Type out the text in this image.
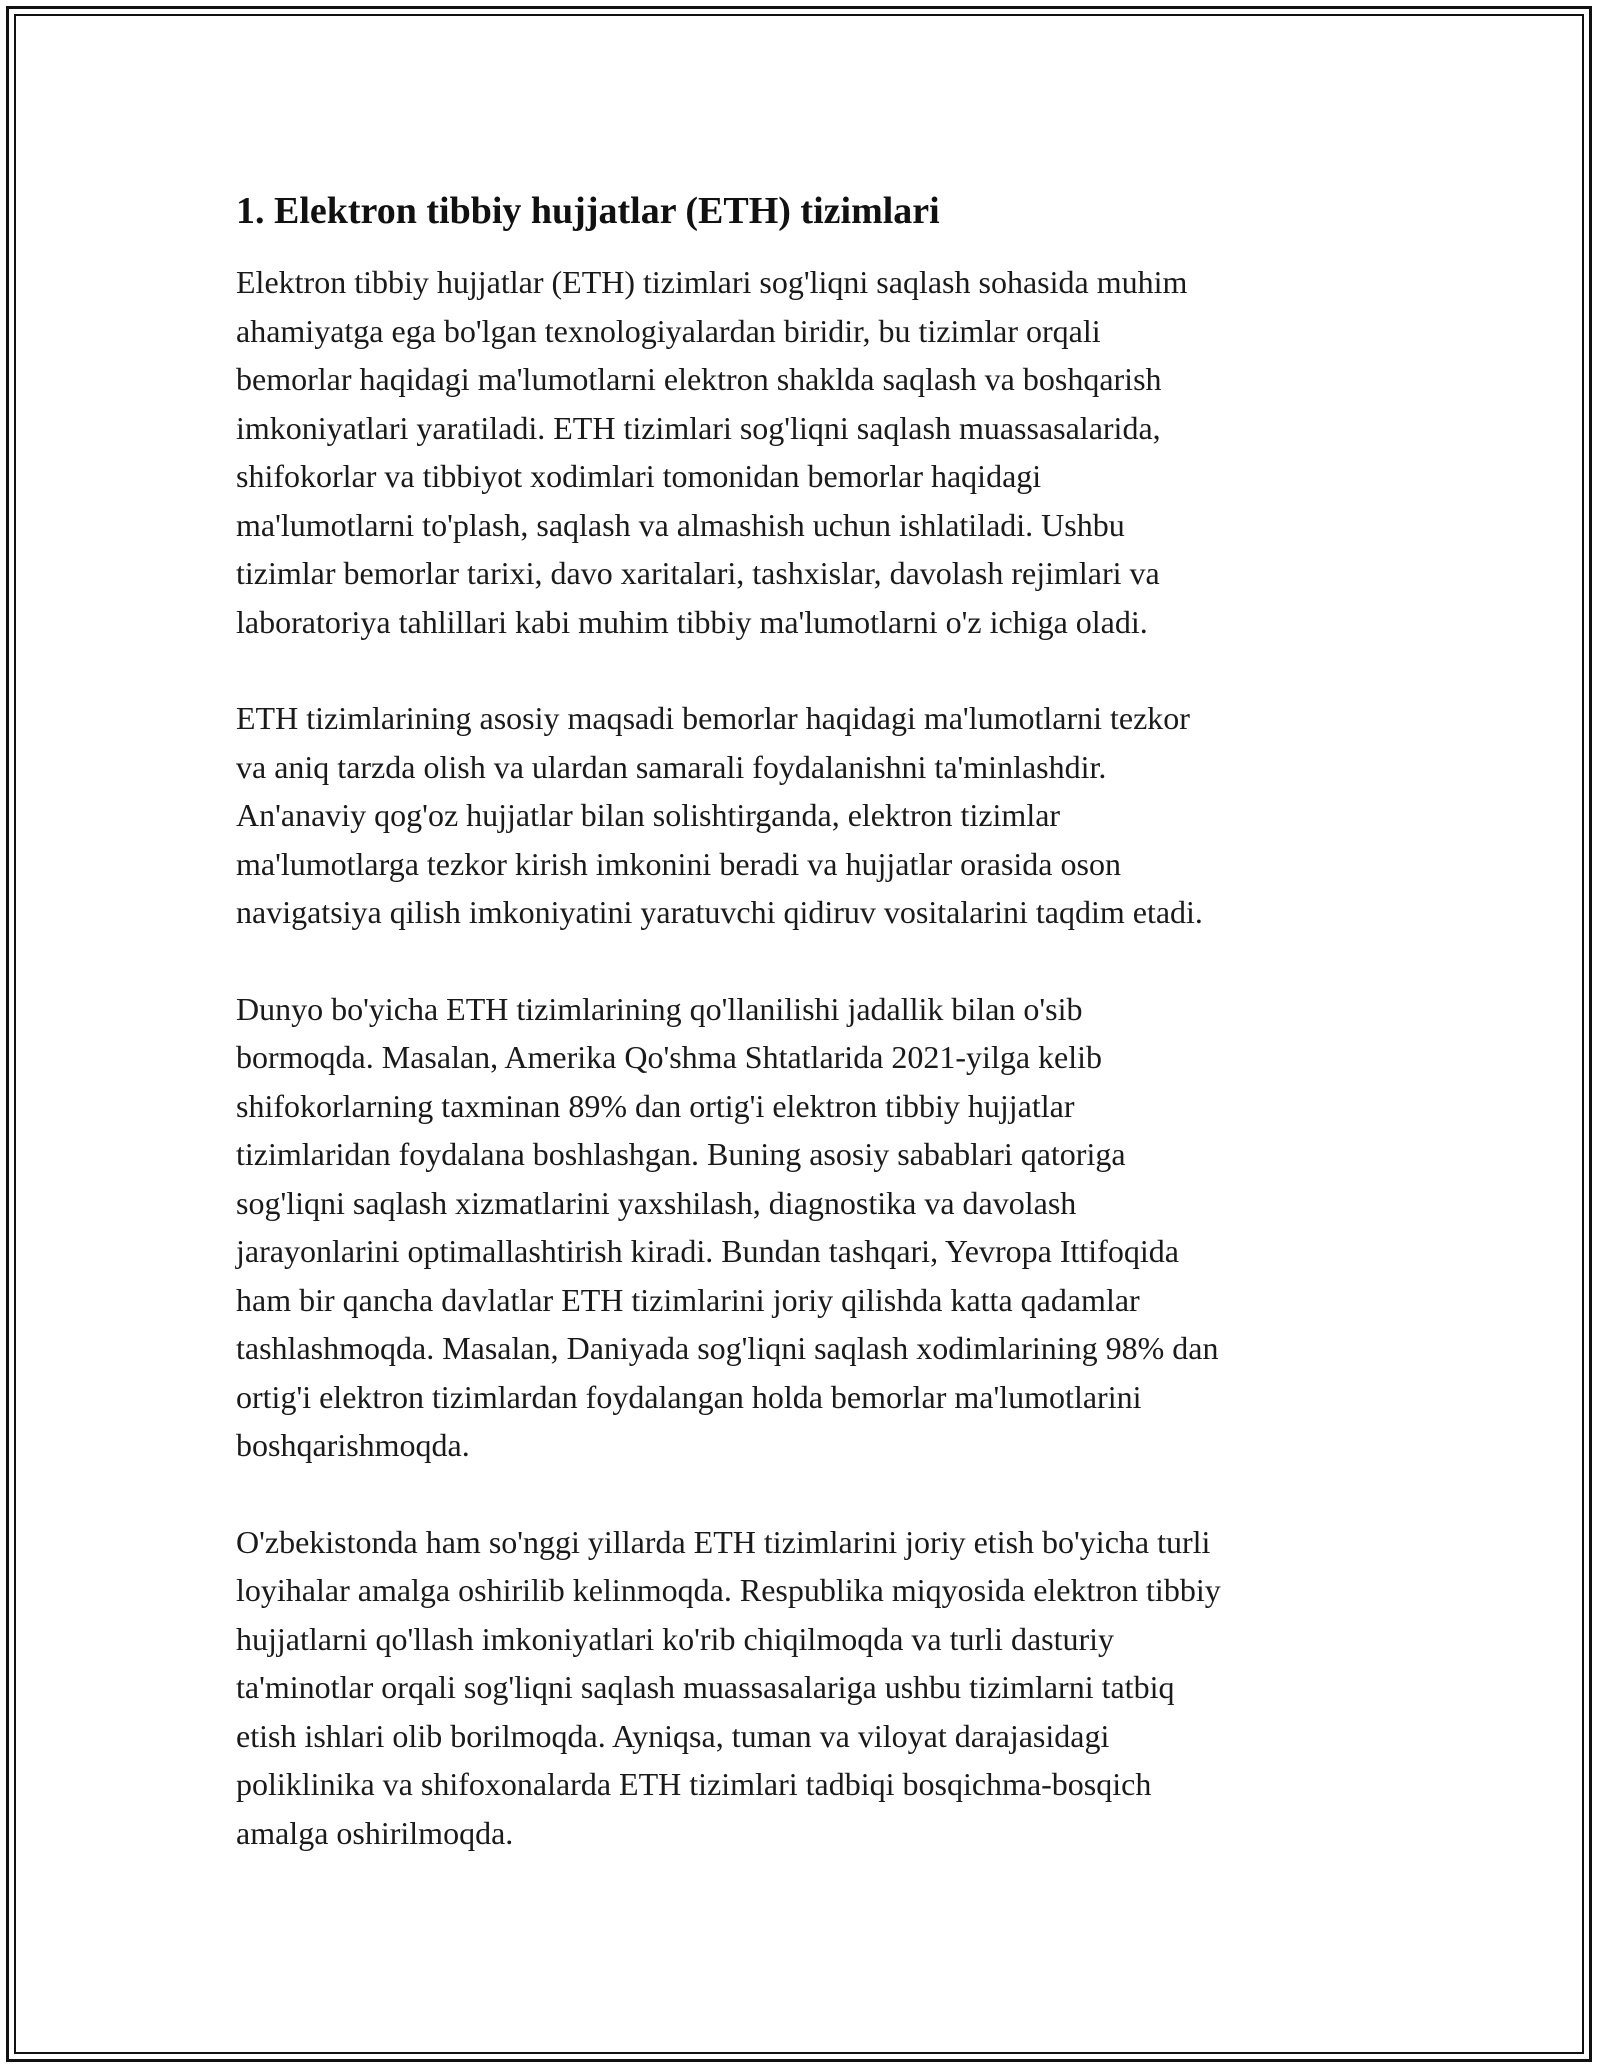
1. Elektron tibbiy hujjatlar (ETH) tizimlari

Elektron tibbiy hujjatlar (ETH) tizimlari sog'liqni saqlash sohasida muhim
ahamiyatga ega bo'lgan texnologiyalardan biridir, bu tizimlar orqali
bemorlar haqidagi ma'lumotlarni elektron shaklda saqlash va boshqarish
imkoniyatlari yaratiladi. ETH tizimlari sog'liqni saqlash muassasalarida,
shifokorlar va tibbiyot xodimlari tomonidan bemorlar haqidagi
ma'lumotlarni to'plash, saqlash va almashish uchun ishlatiladi. Ushbu
tizimlar bemorlar tarixi, davo xaritalari, tashxislar, davolash rejimlari va
laboratoriya tahlillari kabi muhim tibbiy ma'lumotlarni o'z ichiga oladi.

ETH tizimlarining asosiy maqsadi bemorlar haqidagi ma'lumotlarni tezkor
va aniq tarzda olish va ulardan samarali foydalanishni ta'minlashdir.
An'anaviy qog'oz hujjatlar bilan solishtirganda, elektron tizimlar
ma'lumotlarga tezkor kirish imkonini beradi va hujjatlar orasida oson
navigatsiya qilish imkoniyatini yaratuvchi qidiruv vositalarini taqdim etadi.

Dunyo bo'yicha ETH tizimlarining qo'llanilishi jadallik bilan o'sib
bormoqda. Masalan, Amerika Qo'shma Shtatlarida 2021-yilga kelib
shifokorlarning taxminan 89% dan ortig'i elektron tibbiy hujjatlar
tizimlaridan foydalana boshlashgan. Buning asosiy sabablari qatoriga
sog'liqni saqlash xizmatlarini yaxshilash, diagnostika va davolash
jarayonlarini optimallashtirish kiradi. Bundan tashqari, Yevropa Ittifoqida
ham bir qancha davlatlar ETH tizimlarini joriy qilishda katta qadamlar
tashlashmoqda. Masalan, Daniyada sog'liqni saqlash xodimlarining 98% dan
ortig'i elektron tizimlardan foydalangan holda bemorlar ma'lumotlarini
boshqarishmoqda.

O'zbekistonda ham so'nggi yillarda ETH tizimlarini joriy etish bo'yicha turli
loyihalar amalga oshirilib kelinmoqda. Respublika miqyosida elektron tibbiy
hujjatlarni qo'llash imkoniyatlari ko'rib chiqilmoqda va turli dasturiy
ta'minotlar orqali sog'liqni saqlash muassasalariga ushbu tizimlarni tatbiq
etish ishlari olib borilmoqda. Ayniqsa, tuman va viloyat darajasidagi
poliklinika va shifoxonalarda ETH tizimlari tadbiqi bosqichma-bosqich
amalga oshirilmoqda.
